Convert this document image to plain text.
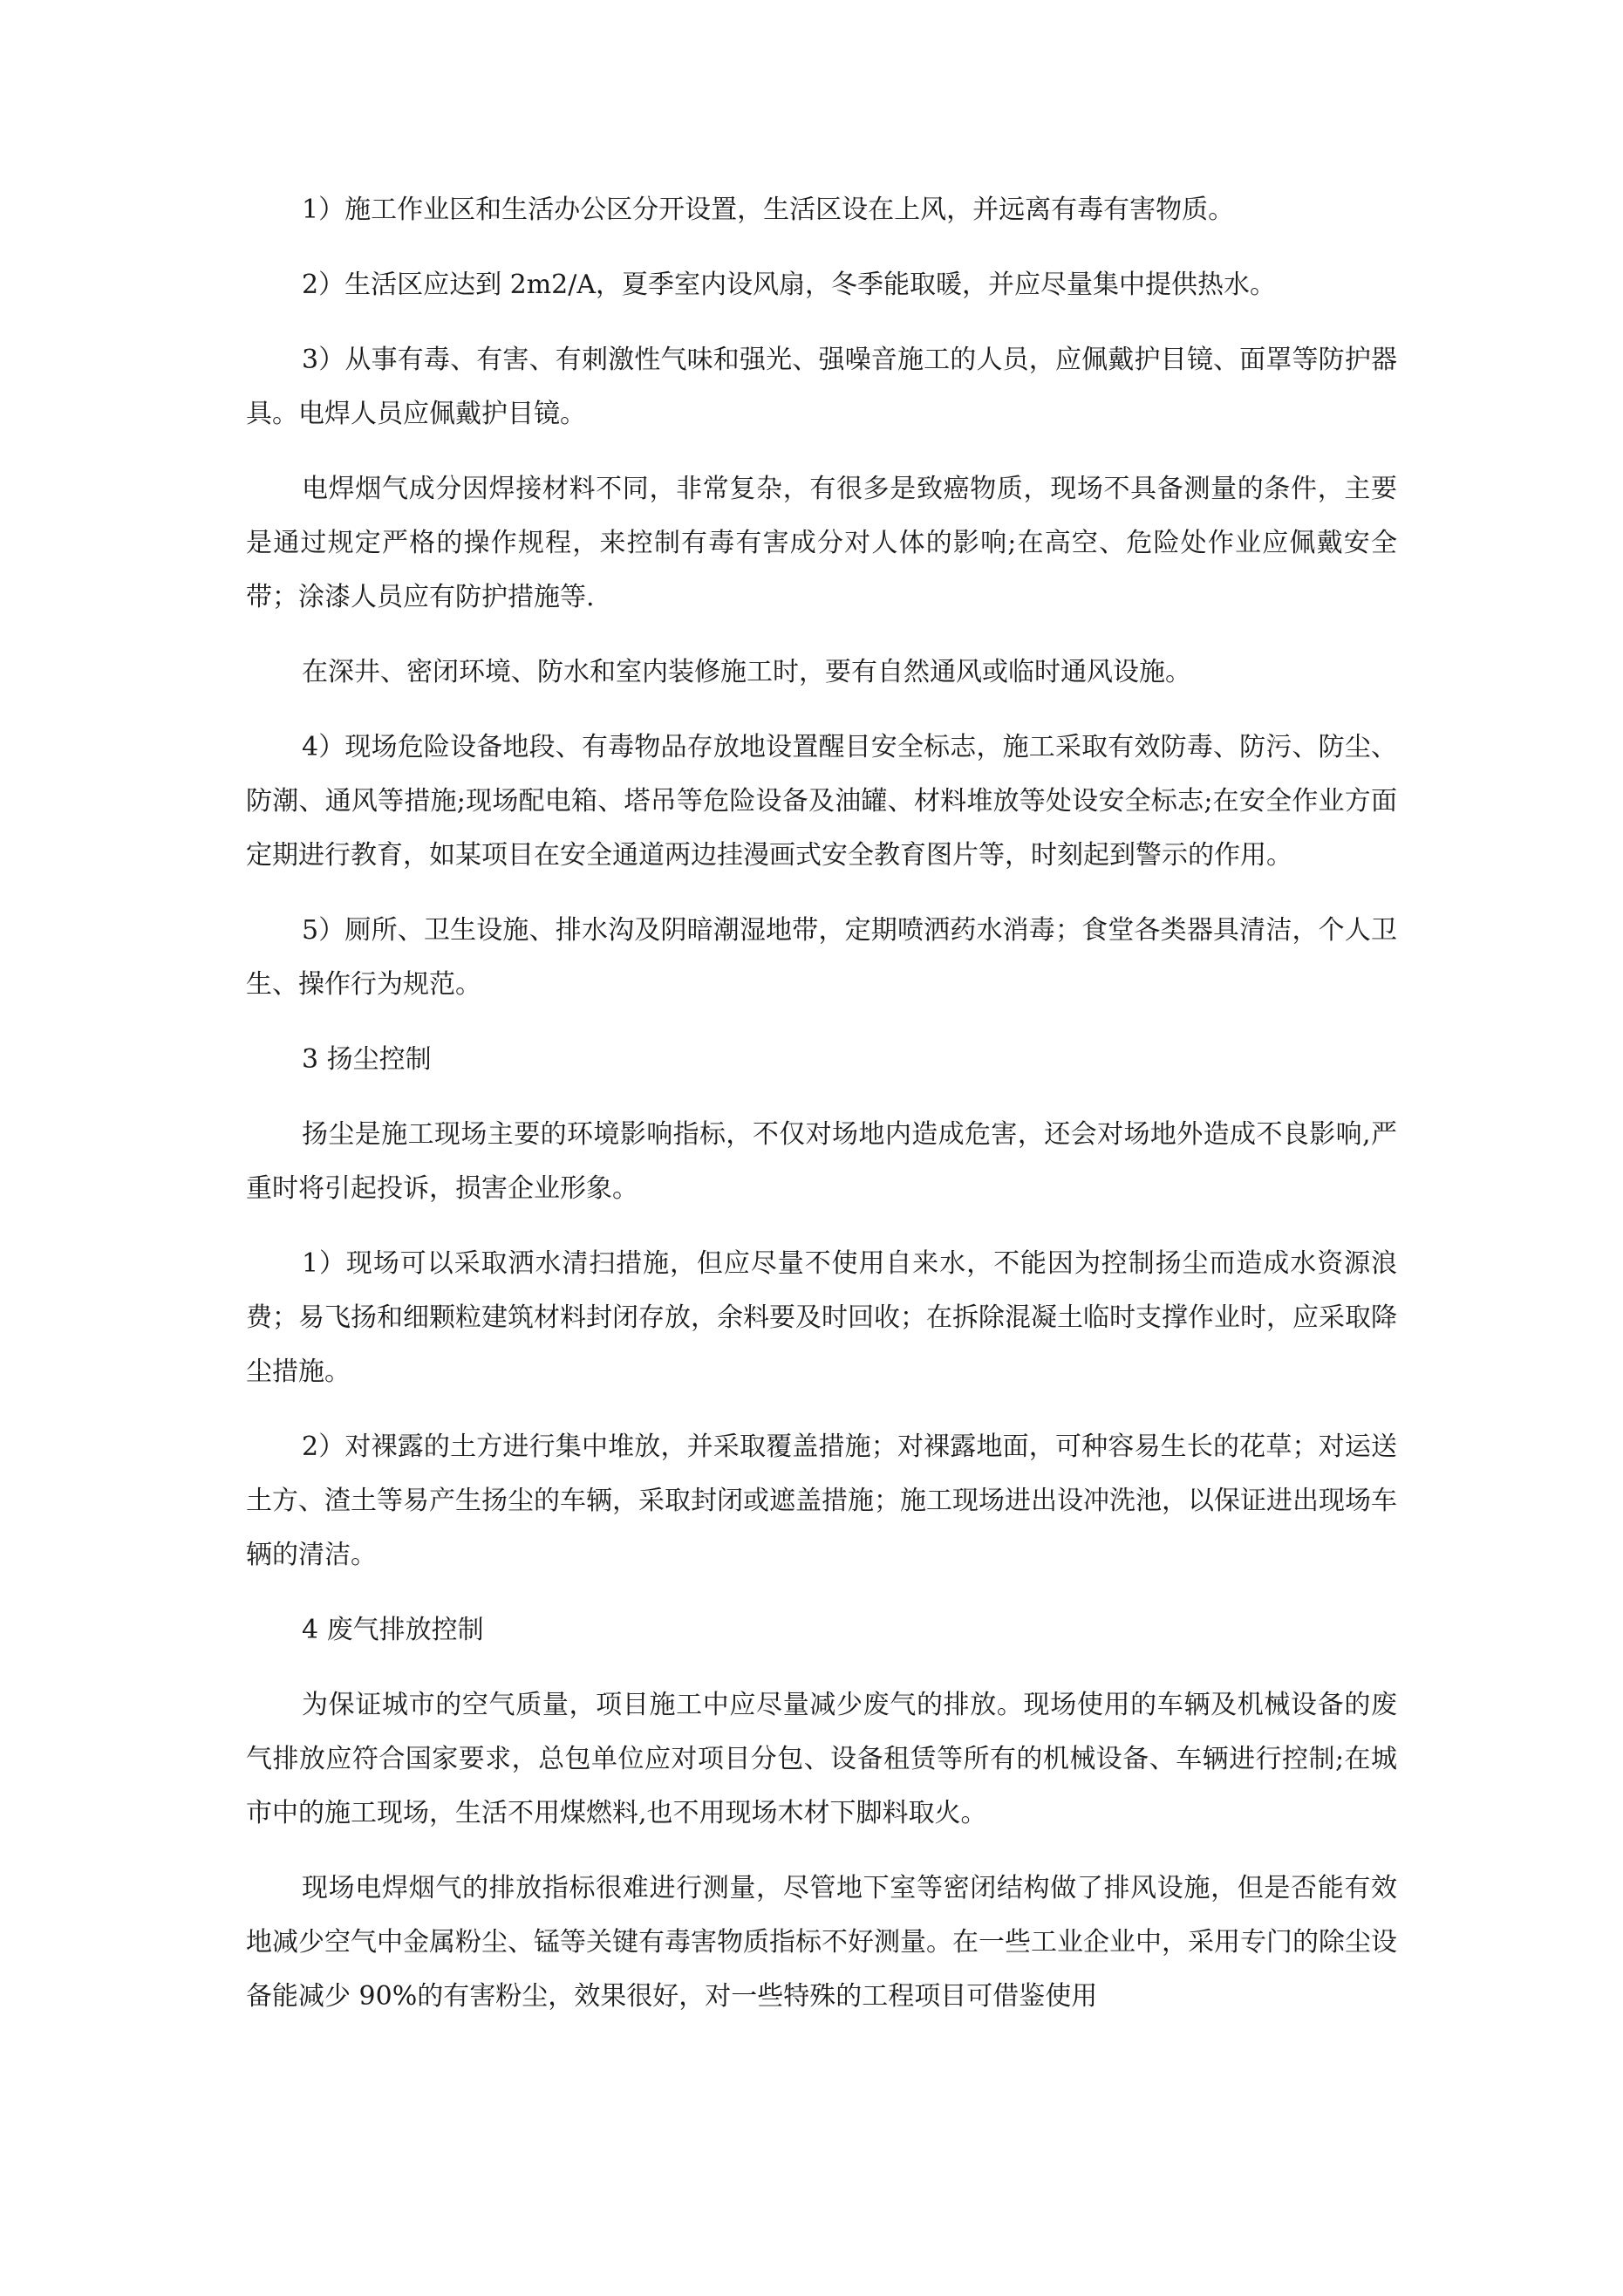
1）施工作业区和生活办公区分开设置，生活区设在上风，并远离有毒有害物质。

2）生活区应达到 2m2/A，夏季室内设风扇，冬季能取暖，并应尽量集中提供热水。

3）从事有毒、有害、有刺激性气味和强光、强噪音施工的人员，应佩戴护目镜、面罩等防护器具。电焊人员应佩戴护目镜。

电焊烟气成分因焊接材料不同，非常复杂，有很多是致癌物质，现场不具备测量的条件，主要是通过规定严格的操作规程，来控制有毒有害成分对人体的影响;在高空、危险处作业应佩戴安全带；涂漆人员应有防护措施等.

在深井、密闭环境、防水和室内装修施工时，要有自然通风或临时通风设施。

4）现场危险设备地段、有毒物品存放地设置醒目安全标志，施工采取有效防毒、防污、防尘、防潮、通风等措施;现场配电箱、塔吊等危险设备及油罐、材料堆放等处设安全标志;在安全作业方面定期进行教育，如某项目在安全通道两边挂漫画式安全教育图片等，时刻起到警示的作用。

5）厕所、卫生设施、排水沟及阴暗潮湿地带，定期喷洒药水消毒；食堂各类器具清洁，个人卫生、操作行为规范。

3 扬尘控制

扬尘是施工现场主要的环境影响指标，不仅对场地内造成危害，还会对场地外造成不良影响,严重时将引起投诉，损害企业形象。

1）现场可以采取洒水清扫措施，但应尽量不使用自来水，不能因为控制扬尘而造成水资源浪费；易飞扬和细颗粒建筑材料封闭存放，余料要及时回收；在拆除混凝土临时支撑作业时，应采取降尘措施。

2）对裸露的土方进行集中堆放，并采取覆盖措施；对裸露地面，可种容易生长的花草；对运送土方、渣土等易产生扬尘的车辆，采取封闭或遮盖措施；施工现场进出设冲洗池，以保证进出现场车辆的清洁。

4 废气排放控制

为保证城市的空气质量，项目施工中应尽量减少废气的排放。现场使用的车辆及机械设备的废气排放应符合国家要求，总包单位应对项目分包、设备租赁等所有的机械设备、车辆进行控制;在城市中的施工现场，生活不用煤燃料,也不用现场木材下脚料取火。

现场电焊烟气的排放指标很难进行测量，尽管地下室等密闭结构做了排风设施，但是否能有效地减少空气中金属粉尘、锰等关键有毒害物质指标不好测量。在一些工业企业中，采用专门的除尘设备能减少 90%的有害粉尘，效果很好，对一些特殊的工程项目可借鉴使用
